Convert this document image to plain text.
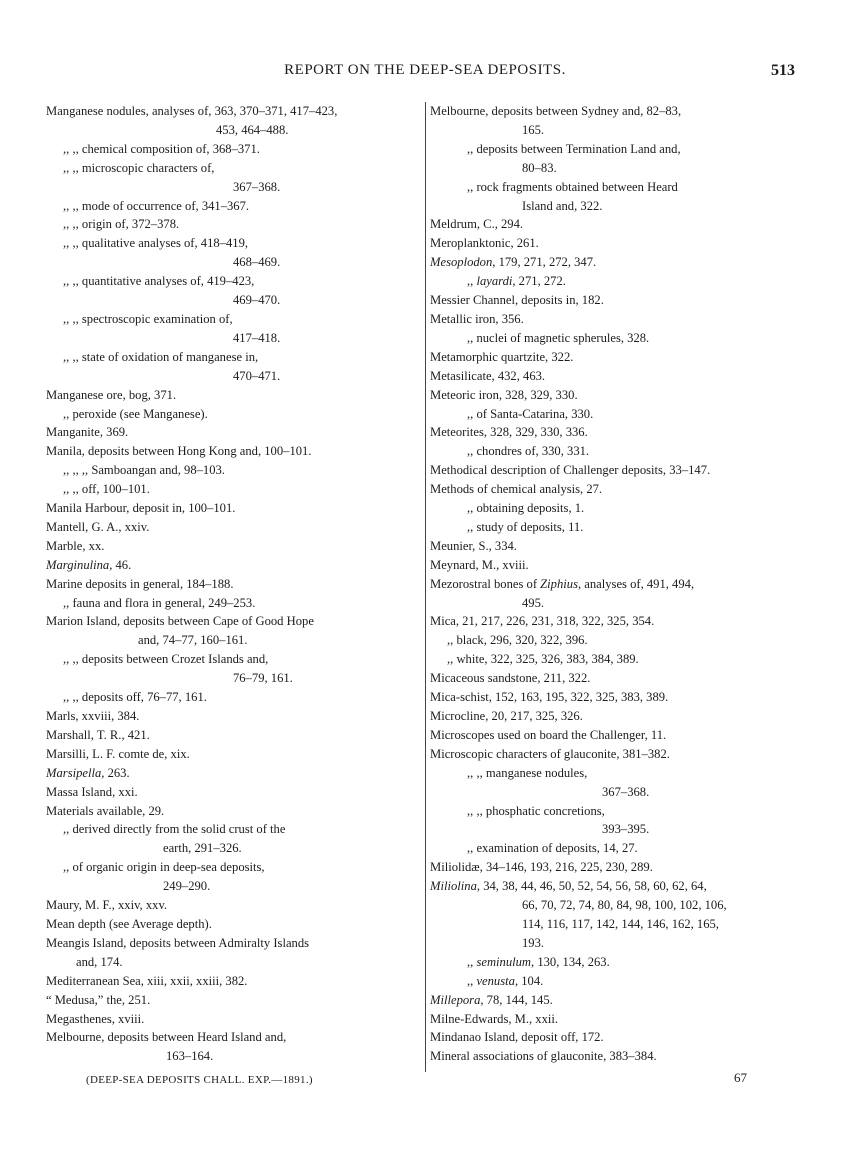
REPORT ON THE DEEP-SEA DEPOSITS.	513
Manganese nodules, analyses of, 363, 370–371, 417–423,
453, 464–488.
,, ,, chemical composition of, 368–371.
,, ,, microscopic characters of,
367–368.
,, ,, mode of occurrence of, 341–367.
,, ,, origin of, 372–378.
,, ,, qualitative analyses of, 418–419,
468–469.
,, ,, quantitative analyses of, 419–423,
469–470.
,, ,, spectroscopic examination of,
417–418.
,, ,, state of oxidation of manganese in,
470–471.
Manganese ore, bog, 371.
,, peroxide (see Manganese).
Manganite, 369.
Manila, deposits between Hong Kong and, 100–101.
,, ,, ,, Samboangan and, 98–103.
,, ,, off, 100–101.
Manila Harbour, deposit in, 100–101.
Mantell, G. A., xxiv.
Marble, xx.
Marginulina, 46.
Marine deposits in general, 184–188.
,, fauna and flora in general, 249–253.
Marion Island, deposits between Cape of Good Hope
and, 74–77, 160–161.
,, ,, deposits between Crozet Islands and,
76–79, 161.
,, ,, deposits off, 76–77, 161.
Marls, xxviii, 384.
Marshall, T. R., 421.
Marsilli, L. F. comte de, xix.
Marsipella, 263.
Massa Island, xxi.
Materials available, 29.
,, derived directly from the solid crust of the
earth, 291–326.
,, of organic origin in deep-sea deposits,
249–290.
Maury, M. F., xxiv, xxv.
Mean depth (see Average depth).
Meangis Island, deposits between Admiralty Islands
and, 174.
Mediterranean Sea, xiii, xxii, xxiii, 382.
“ Medusa,” the, 251.
Megasthenes, xviii.
Melbourne, deposits between Heard Island and,
163–164.
Melbourne, deposits between Sydney and, 82–83,
165.
,, deposits between Termination Land and,
80–83.
,, rock fragments obtained between Heard
Island and, 322.
Meldrum, C., 294.
Meroplanktonic, 261.
Mesoplodon, 179, 271, 272, 347.
,, layardi, 271, 272.
Messier Channel, deposits in, 182.
Metallic iron, 356.
,, nuclei of magnetic spherules, 328.
Metamorphic quartzite, 322.
Metasilicate, 432, 463.
Meteoric iron, 328, 329, 330.
,, of Santa-Catarina, 330.
Meteorites, 328, 329, 330, 336.
,, chondres of, 330, 331.
Methodical description of Challenger deposits, 33–147.
Methods of chemical analysis, 27.
,, obtaining deposits, 1.
,, study of deposits, 11.
Meunier, S., 334.
Meynard, M., xviii.
Mezorostral bones of Ziphius, analyses of, 491, 494,
495.
Mica, 21, 217, 226, 231, 318, 322, 325, 354.
,, black, 296, 320, 322, 396.
,, white, 322, 325, 326, 383, 384, 389.
Micaceous sandstone, 211, 322.
Mica-schist, 152, 163, 195, 322, 325, 383, 389.
Microcline, 20, 217, 325, 326.
Microscopes used on board the Challenger, 11.
Microscopic characters of glauconite, 381–382.
,, ,, manganese nodules,
367–368.
,, ,, phosphatic concretions,
393–395.
,, examination of deposits, 14, 27.
Miliolidæ, 34–146, 193, 216, 225, 230, 289.
Miliolina, 34, 38, 44, 46, 50, 52, 54, 56, 58, 60, 62, 64,
66, 70, 72, 74, 80, 84, 98, 100, 102, 106,
114, 116, 117, 142, 144, 146, 162, 165,
193.
,, seminulum, 130, 134, 263.
,, venusta, 104.
Millepora, 78, 144, 145.
Milne-Edwards, M., xxii.
Mindanao Island, deposit off, 172.
Mineral associations of glauconite, 383–384.
(DEEP-SEA DEPOSITS CHALL. EXP.—1891.)	67
